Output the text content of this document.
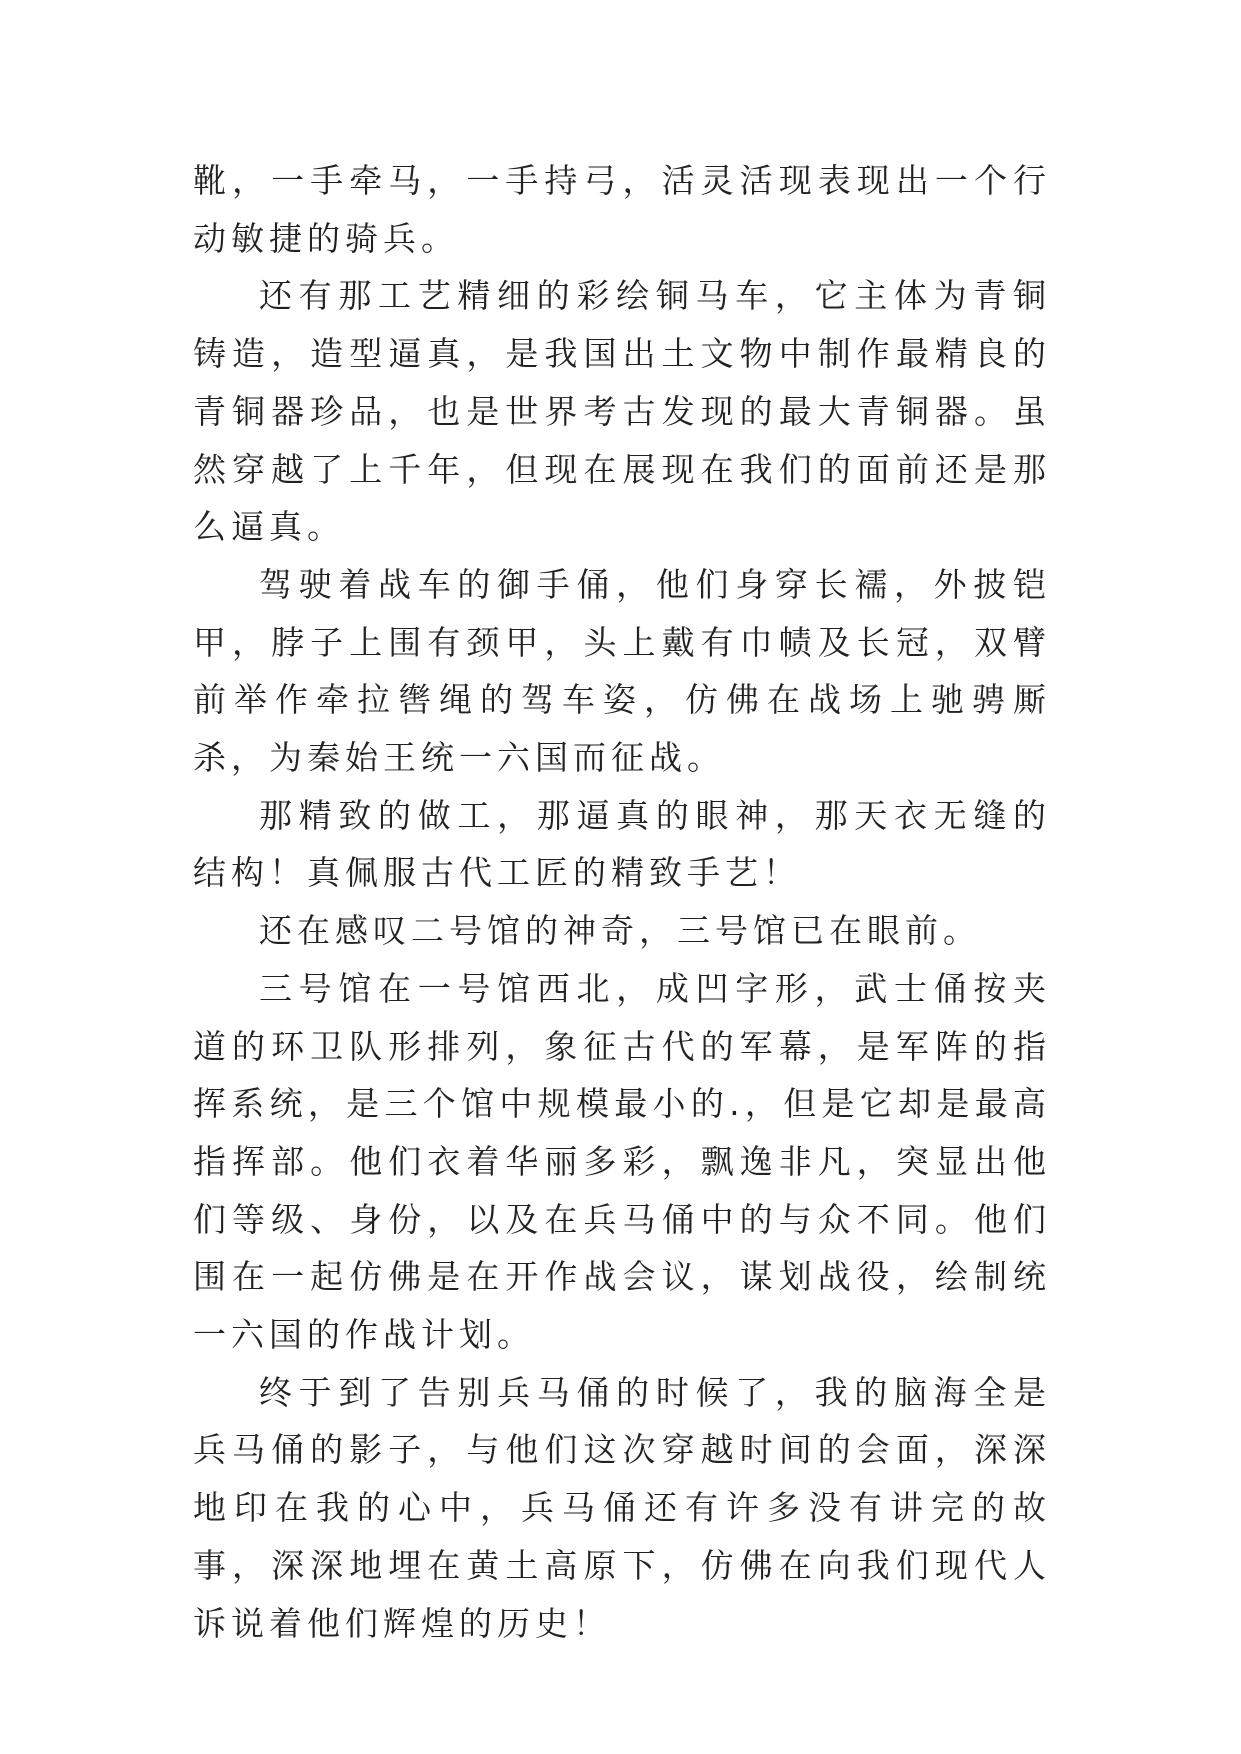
靴，一手牵马，一手持弓，活灵活现表现出一个行动敏捷的骑兵。

还有那工艺精细的彩绘铜马车，它主体为青铜铸造，造型逼真，是我国出土文物中制作最精良的青铜器珍品，也是世界考古发现的最大青铜器。虽然穿越了上千年，但现在展现在我们的面前还是那么逼真。

驾驶着战车的御手俑，他们身穿长襦，外披铠甲，脖子上围有颈甲，头上戴有巾帻及长冠，双臂前举作牵拉辔绳的驾车姿，仿佛在战场上驰骋厮杀，为秦始王统一六国而征战。

那精致的做工，那逼真的眼神，那天衣无缝的结构！真佩服古代工匠的精致手艺！

还在感叹二号馆的神奇，三号馆已在眼前。

三号馆在一号馆西北，成凹字形，武士俑按夹道的环卫队形排列，象征古代的军幕，是军阵的指挥系统，是三个馆中规模最小的.，但是它却是最高指挥部。他们衣着华丽多彩，飘逸非凡，突显出他们等级、身份，以及在兵马俑中的与众不同。他们围在一起仿佛是在开作战会议，谋划战役，绘制统一六国的作战计划。

终于到了告别兵马俑的时候了，我的脑海全是兵马俑的影子，与他们这次穿越时间的会面，深深地印在我的心中，兵马俑还有许多没有讲完的故事，深深地埋在黄土高原下，仿佛在向我们现代人诉说着他们辉煌的历史！
